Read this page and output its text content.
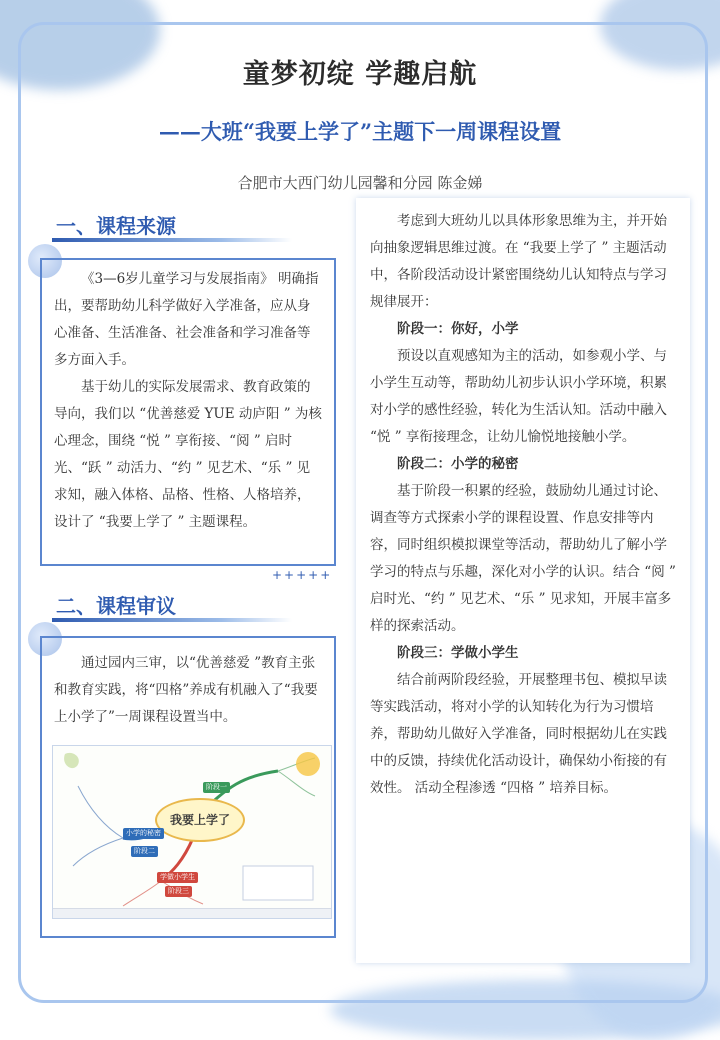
童梦初绽 学趣启航
——大班“我要上学了”主题下一周课程设置
合肥市大西门幼儿园馨和分园 陈金娣
一、课程来源

《3—6岁儿童学习与发展指南》 明确指出，要帮助幼儿科学做好入学准备，应从身心准备、生活准备、社会准备和学习准备等多方面入手。

基于幼儿的实际发展需求、教育政策的导向，我们以 “优善慈爱 YUE 动庐阳 ” 为核心理念，围绕 “悦 ” 享衔接、“阅 ” 启时光、“跃 ” 动活力、“约 ” 见艺术、“乐 ” 见求知，融入体格、品格、性格、人格培养，设计了 “我要上学了 ” 主题课程。

+++++
二、课程审议

通过园内三审，以“优善慈爱 ”教育主张和教育实践，将“四格”养成有机融入了“我要上小学了”一周课程设置当中。

我要上学了
阶段一
小学的秘密
阶段二
学做小学生
阶段三

考虑到大班幼儿以具体形象思维为主，并开始向抽象逻辑思维过渡。在 “我要上学了 ” 主题活动中，各阶段活动设计紧密围绕幼儿认知特点与学习规律展开：

阶段一：你好，小学

预设以直观感知为主的活动，如参观小学、与小学生互动等，帮助幼儿初步认识小学环境，积累对小学的感性经验，转化为生活认知。活动中融入 “悦 ” 享衔接理念，让幼儿愉悦地接触小学。

阶段二：小学的秘密

基于阶段一积累的经验，鼓励幼儿通过讨论、调查等方式探索小学的课程设置、作息安排等内容，同时组织模拟课堂等活动，帮助幼儿了解小学学习的特点与乐趣，深化对小学的认识。结合 “阅 ” 启时光、“约 ” 见艺术、“乐 ” 见求知，开展丰富多样的探索活动。

阶段三：学做小学生

结合前两阶段经验，开展整理书包、模拟早读等实践活动，将对小学的认知转化为行为习惯培养，帮助幼儿做好入学准备，同时根据幼儿在实践中的反馈，持续优化活动设计，确保幼小衔接的有效性。 活动全程渗透 “四格 ” 培养目标。
